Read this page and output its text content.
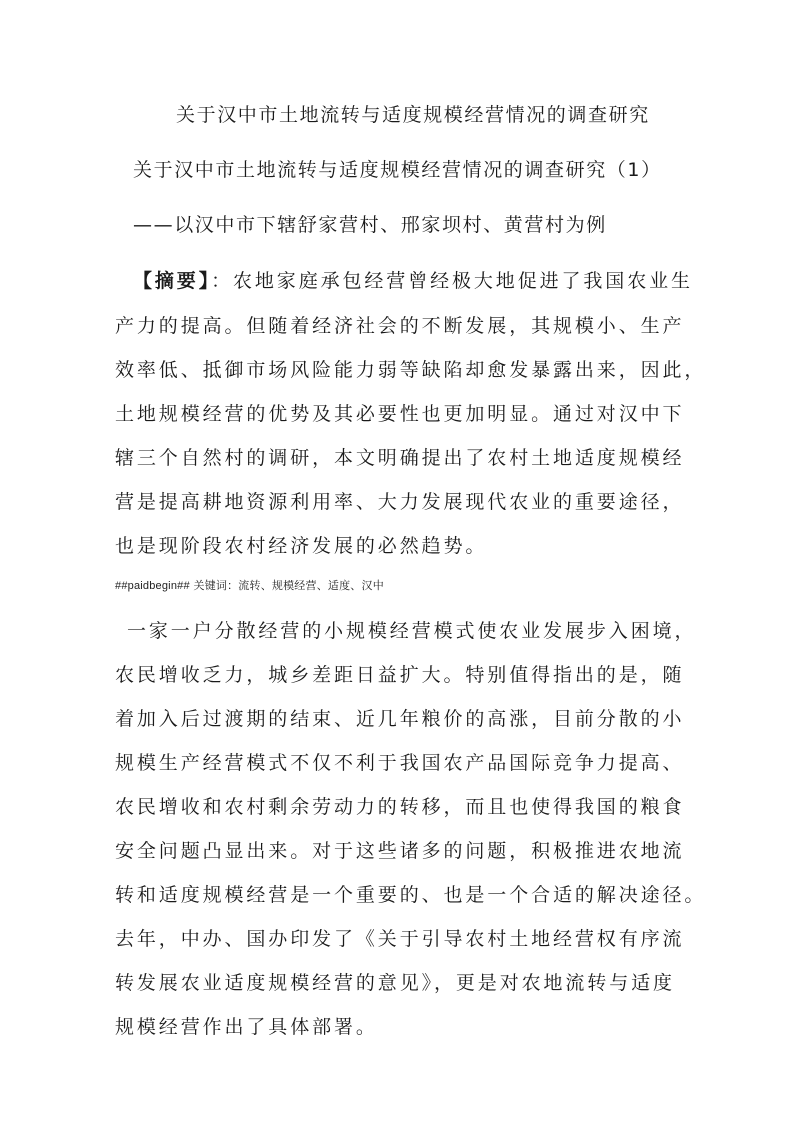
关于汉中市土地流转与适度规模经营情况的调查研究

关于汉中市土地流转与适度规模经营情况的调查研究（1）

——以汉中市下辖舒家营村、邢家坝村、黄营村为例

【摘要】：农地家庭承包经营曾经极大地促进了我国农业生

产力的提高。但随着经济社会的不断发展，其规模小、生产

效率低、抵御市场风险能力弱等缺陷却愈发暴露出来，因此，

土地规模经营的优势及其必要性也更加明显。通过对汉中下

辖三个自然村的调研，本文明确提出了农村土地适度规模经

营是提高耕地资源利用率、大力发展现代农业的重要途径，

也是现阶段农村经济发展的必然趋势。

##paidbegin## 关键词：流转、规模经营、适度、汉中

一家一户分散经营的小规模经营模式使农业发展步入困境，

农民增收乏力，城乡差距日益扩大。特别值得指出的是，随

着加入后过渡期的结束、近几年粮价的高涨，目前分散的小

规模生产经营模式不仅不利于我国农产品国际竞争力提高、

农民增收和农村剩余劳动力的转移，而且也使得我国的粮食

安全问题凸显出来。对于这些诸多的问题，积极推进农地流

转和适度规模经营是一个重要的、也是一个合适的解决途径。

去年，中办、国办印发了《关于引导农村土地经营权有序流

转发展农业适度规模经营的意见》，更是对农地流转与适度

规模经营作出了具体部署。
